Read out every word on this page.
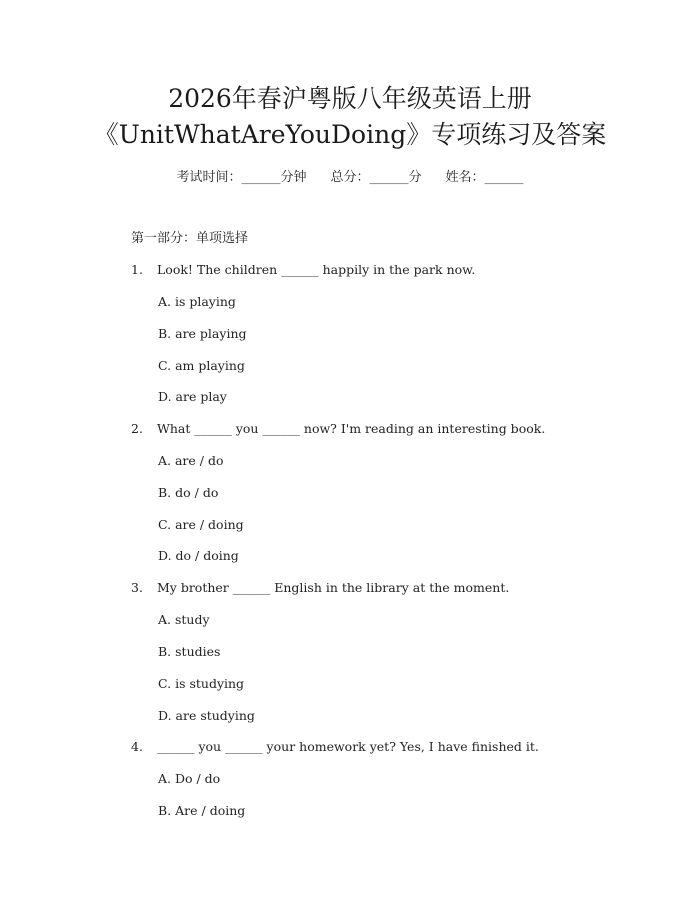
2026年春沪粤版八年级英语上册
《UnitWhatAreYouDoing》专项练习及答案
考试时间：______分钟 总分：______分 姓名：______
第一部分：单项选择
1. Look! The children ______ happily in the park now.
A. is playing
B. are playing
C. am playing
D. are play
2. What ______ you ______ now? I'm reading an interesting book.
A. are / do
B. do / do
C. are / doing
D. do / doing
3. My brother ______ English in the library at the moment.
A. study
B. studies
C. is studying
D. are studying
4. ______ you ______ your homework yet? Yes, I have finished it.
A. Do / do
B. Are / doing
